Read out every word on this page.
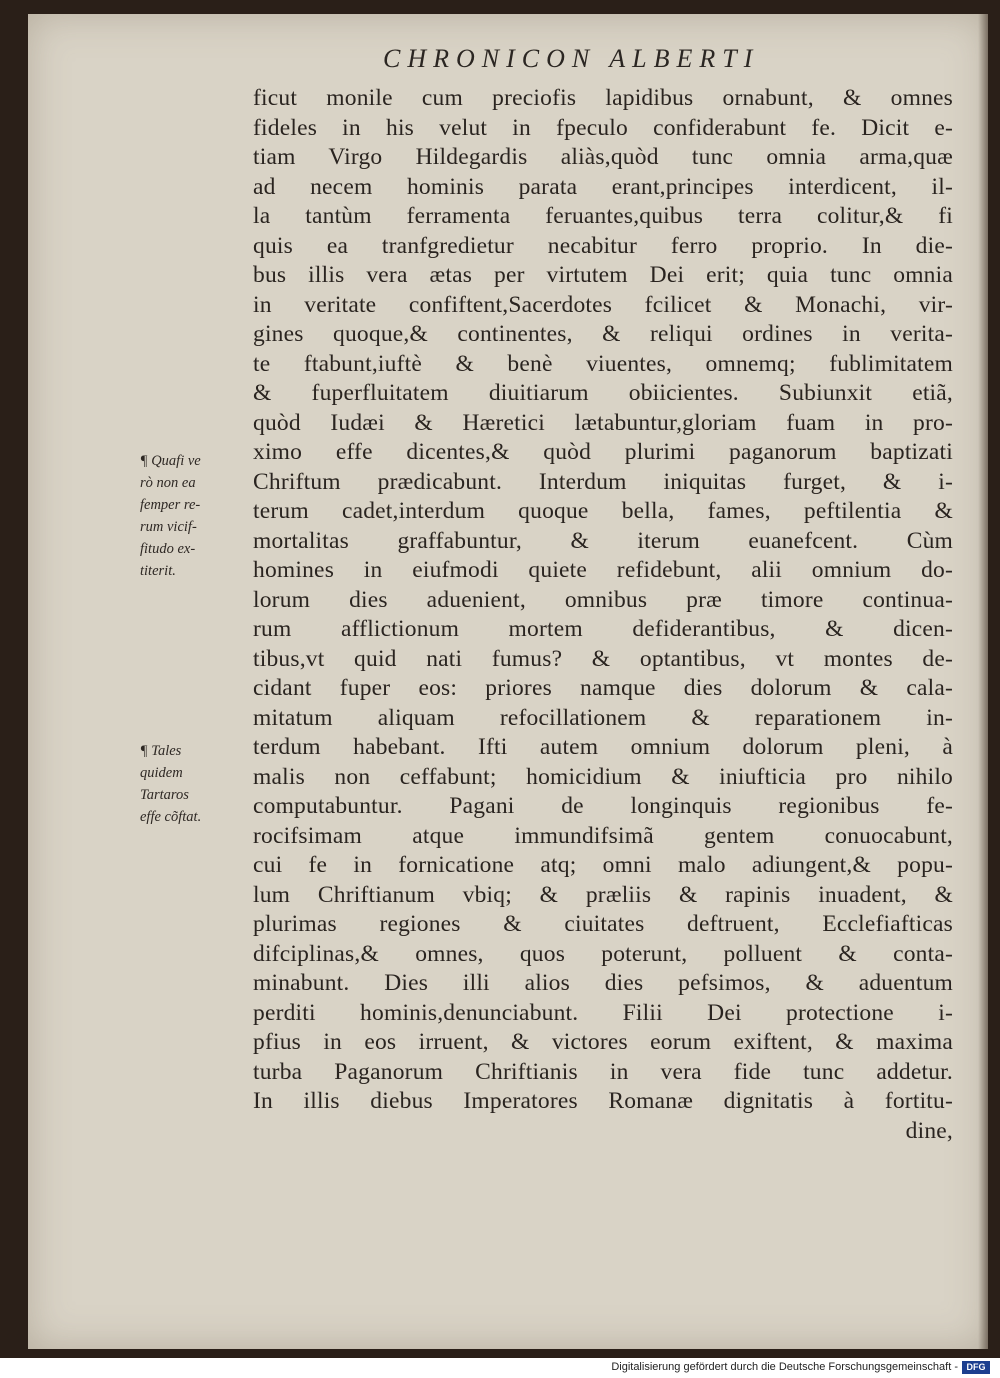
CHRONICON ALBERTI
ficut monile cum preciofis lapidibus ornabunt, & omnes
fideles in his velut in fpeculo confiderabunt fe. Dicit e-
tiam Virgo Hildegardis aliàs,quòd tunc omnia arma,quæ
ad necem hominis parata erant,principes interdicent, il-
la tantùm ferramenta feruantes,quibus terra colitur,& fi
quis ea tranfgredietur necabitur ferro proprio. In die-
bus illis vera ætas per virtutem Dei erit; quia tunc omnia
in veritate confiftent,Sacerdotes fcilicet & Monachi, vir-
gines quoque,& continentes, & reliqui ordines in verita-
te ftabunt,iuftè & benè viuentes, omnemq; fublimitatem
& fuperfluitatem diuitiarum obiicientes. Subiunxit etiã,
quòd Iudæi & Hæretici lætabuntur,gloriam fuam in pro-
ximo effe dicentes,& quòd plurimi paganorum baptizati
Chriftum prædicabunt. Interdum iniquitas furget, & i-
terum cadet,interdum quoque bella, fames, peftilentia &
mortalitas graffabuntur, & iterum euanefcent. Cùm
homines in eiufmodi quiete refidebunt, alii omnium do-
lorum dies aduenient, omnibus præ timore continua-
rum afflictionum mortem defiderantibus, & dicen-
tibus,vt quid nati fumus? & optantibus, vt montes de-
cidant fuper eos: priores namque dies dolorum & cala-
mitatum aliquam refocillationem & reparationem in-
terdum habebant. Ifti autem omnium dolorum pleni, à
malis non ceffabunt; homicidium & iniufticia pro nihilo
computabuntur. Pagani de longinquis regionibus fe-
rocifsimam atque immundifsimã gentem conuocabunt,
cui fe in fornicatione atq; omni malo adiungent,& popu-
lum Chriftianum vbiq; & præliis & rapinis inuadent, &
plurimas regiones & ciuitates deftruent, Ecclefiafticas
difciplinas,& omnes, quos poterunt, polluent & conta-
minabunt. Dies illi alios dies pefsimos, & aduentum
perditi hominis,denunciabunt. Filii Dei protectione i-
pfius in eos irruent, & victores eorum exiftent, & maxima
turba Paganorum Chriftianis in vera fide tunc addetur.
In illis diebus Imperatores Romanæ dignitatis à fortitu-
dine,
¶ Quafi ve
rò non ea
femper re-
rum vicif-
fitudo ex-
titerit.
¶ Tales
quidem
Tartaros
effe cõftat.
Digitalisierung gefördert durch die Deutsche Forschungsgemeinschaft - DFG
